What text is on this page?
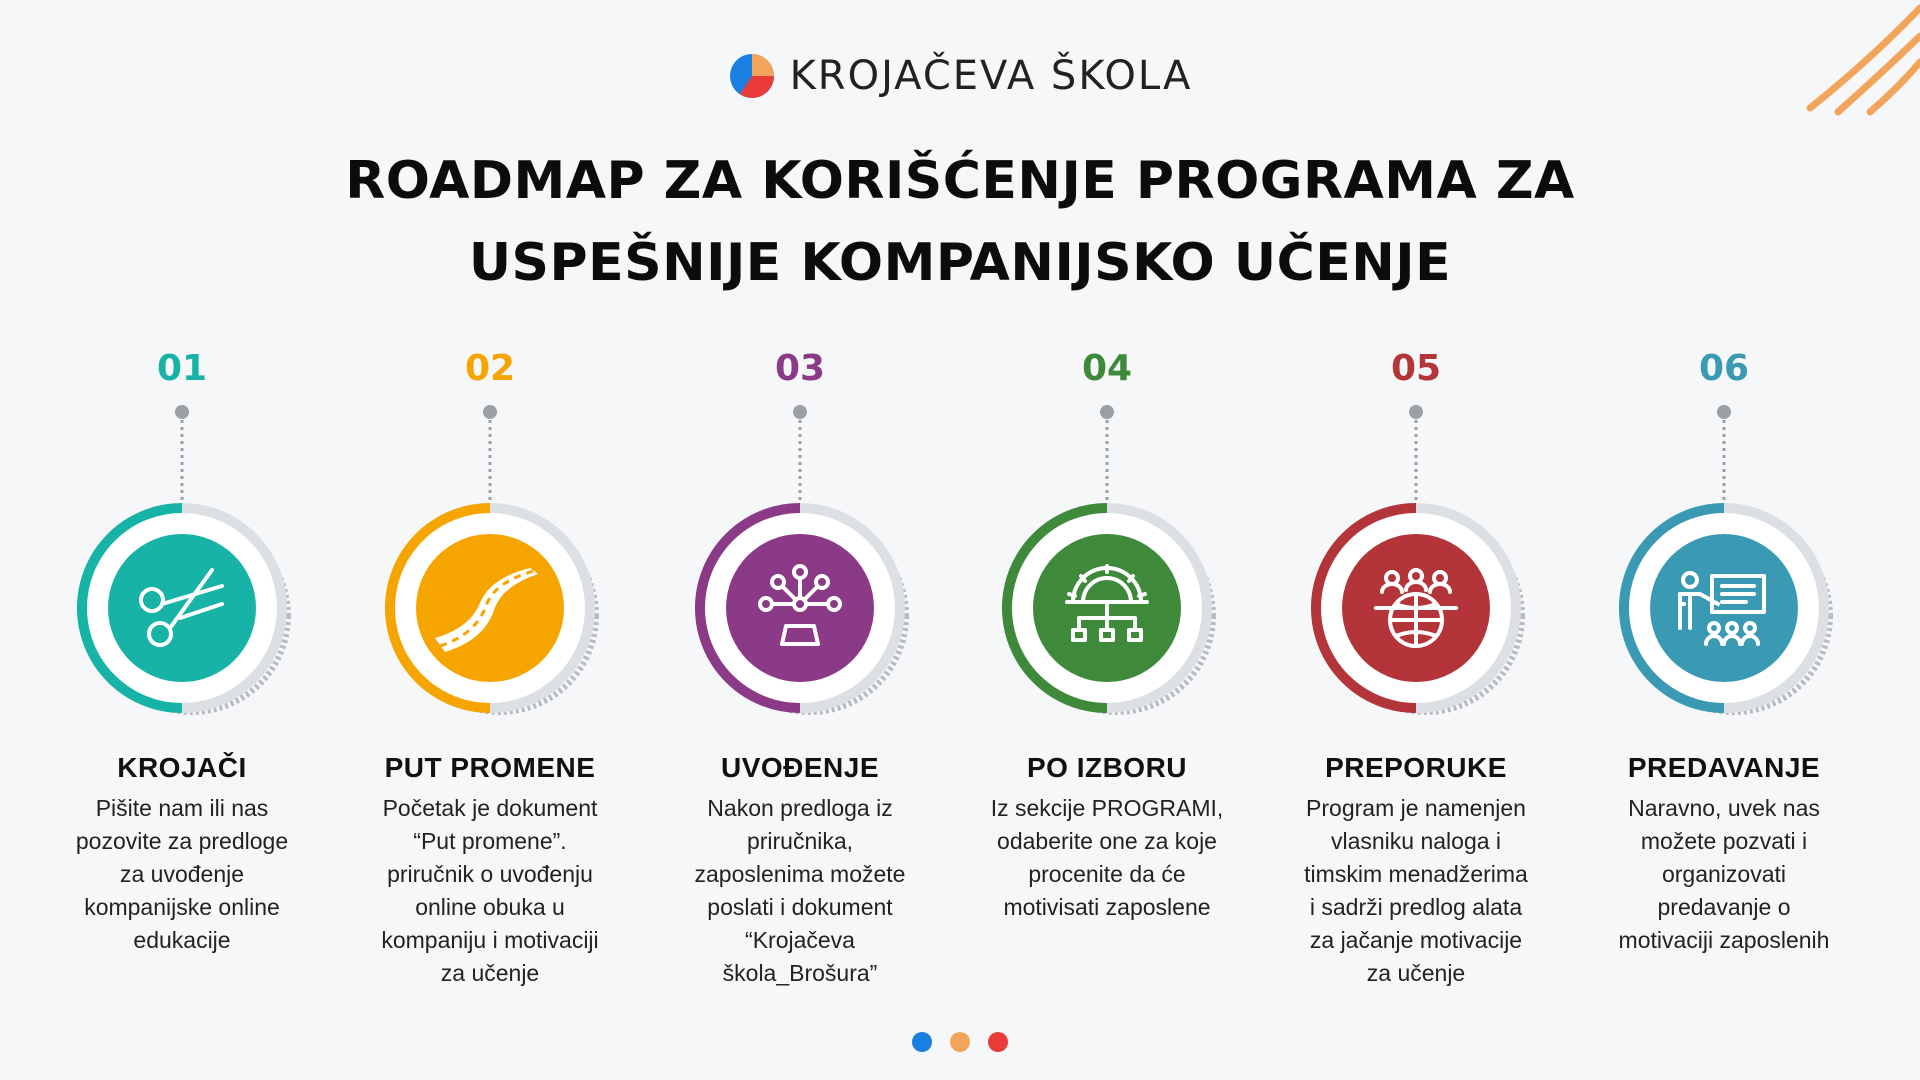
KROJAČEVA ŠKOLA
ROADMAP ZA KORIŠĆENJE PROGRAMA ZA
USPEŠNIJE KOMPANIJSKO UČENJE
01
KROJAČI
Pišite nam ili nas
pozovite za predloge
za uvođenje
kompanijske online
edukacije
02
PUT PROMENE
Početak je dokument
“Put promene”.
priručnik o uvođenju
online obuka u
kompaniju i motivaciji
za učenje
03
UVOĐENJE
Nakon predloga iz
priručnika,
zaposlenima možete
poslati i dokument
“Krojačeva
škola_Brošura”
04
PO IZBORU
Iz sekcije PROGRAMI,
odaberite one za koje
procenite da će
motivisati zaposlene
05
PREPORUKE
Program je namenjen
vlasniku naloga i
timskim menadžerima
i sadrži predlog alata
za jačanje motivacije
za učenje
06
PREDAVANJE
Naravno, uvek nas
možete pozvati i
organizovati
predavanje o
motivaciji zaposlenih
